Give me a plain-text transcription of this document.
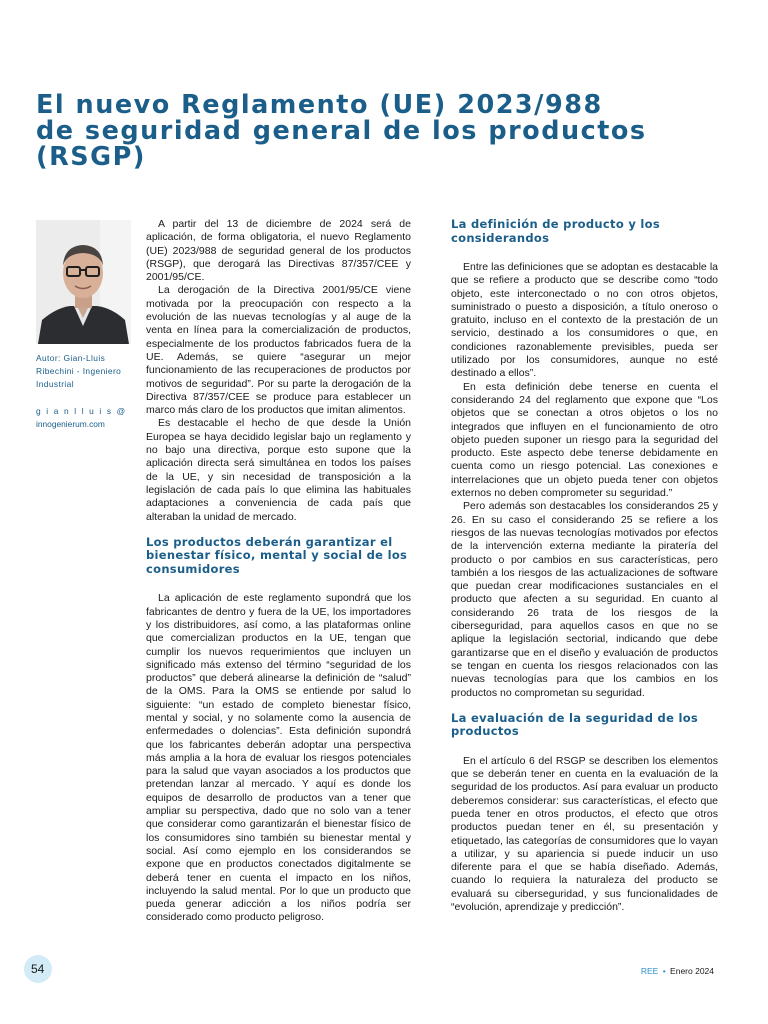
El nuevo Reglamento (UE) 2023/988
de seguridad general de los productos
(RSGP)

Autor: Gian-Lluis Ribechini - Ingeniero Industrial

gianlluis@
innogenierum.com

A partir del 13 de diciembre de 2024 será de aplicación, de forma obligatoria, el nuevo Reglamento (UE) 2023/988 de seguridad general de los productos (RSGP), que derogará las Directivas 87/357/CEE y 2001/95/CE.

La derogación de la Directiva 2001/95/CE viene motivada por la preocupación con respecto a la evolución de las nuevas tecnologías y al auge de la venta en línea para la comercialización de productos, especialmente de los productos fabricados fuera de la UE. Además, se quiere “asegurar un mejor funcionamiento de las recuperaciones de productos por motivos de seguridad”. Por su parte la derogación de la Directiva 87/357/CEE se produce para establecer un marco más claro de los productos que imitan alimentos.

Es destacable el hecho de que desde la Unión Europea se haya decidido legislar bajo un reglamento y no bajo una directiva, porque esto supone que la aplicación directa será simultánea en todos los países de la UE, y sin necesidad de transposición a la legislación de cada país lo que elimina las habituales adaptaciones a conveniencia de cada país que alteraban la unidad de mercado.

Los productos deberán garantizar el bienestar físico, mental y social de los consumidores

La aplicación de este reglamento supondrá que los fabricantes de dentro y fuera de la UE, los importadores y los distribuidores, así como, a las plataformas online que comercializan productos en la UE, tengan que cumplir los nuevos requerimientos que incluyen un significado más extenso del término “seguridad de los productos” que deberá alinearse la definición de “salud” de la OMS. Para la OMS se entiende por salud lo siguiente: “un estado de completo bienestar físico, mental y social, y no solamente como la ausencia de enfermedades o dolencias”. Esta definición supondrá que los fabricantes deberán adoptar una perspectiva más amplia a la hora de evaluar los riesgos potenciales para la salud que vayan asociados a los productos que pretendan lanzar al mercado. Y aquí es donde los equipos de desarrollo de productos van a tener que ampliar su perspectiva, dado que no solo van a tener que considerar como garantizarán el bienestar físico de los consumidores sino también su bienestar mental y social. Así como ejemplo en los considerandos se expone que en productos conectados digitalmente se deberá tener en cuenta el impacto en los niños, incluyendo la salud mental. Por lo que un producto que pueda generar adicción a los niños podría ser considerado como producto peligroso.

La definición de producto y los considerandos

Entre las definiciones que se adoptan es destacable la que se refiere a producto que se describe como “todo objeto, este interconectado o no con otros objetos, suministrado o puesto a disposición, a título oneroso o gratuito, incluso en el contexto de la prestación de un servicio, destinado a los consumidores o que, en condiciones razonablemente previsibles, pueda ser utilizado por los consumidores, aunque no esté destinado a ellos”.

En esta definición debe tenerse en cuenta el considerando 24 del reglamento que expone que “Los objetos que se conectan a otros objetos o los no integrados que influyen en el funcionamiento de otro objeto pueden suponer un riesgo para la seguridad del producto. Este aspecto debe tenerse debidamente en cuenta como un riesgo potencial. Las conexiones e interrelaciones que un objeto pueda tener con objetos externos no deben comprometer su seguridad.”

Pero además son destacables los considerandos 25 y 26. En su caso el considerando 25 se refiere a los riesgos de las nuevas tecnologías motivados por efectos de la intervención externa mediante la piratería del producto o por cambios en sus características, pero también a los riesgos de las actualizaciones de software que puedan crear modificaciones sustanciales en el producto que afecten a su seguridad. En cuanto al considerando 26 trata de los riesgos de la ciberseguridad, para aquellos casos en que no se aplique la legislación sectorial, indicando que debe garantizarse que en el diseño y evaluación de productos se tengan en cuenta los riesgos relacionados con las nuevas tecnologías para que los cambios en los productos no comprometan su seguridad.

La evaluación de la seguridad de los productos

En el artículo 6 del RSGP se describen los elementos que se deberán tener en cuenta en la evaluación de la seguridad de los productos. Así para evaluar un producto deberemos considerar: sus características, el efecto que pueda tener en otros productos, el efecto que otros productos puedan tener en él, su presentación y etiquetado, las categorías de consumidores que lo vayan a utilizar, y su apariencia si puede inducir un uso diferente para el que se había diseñado. Además, cuando lo requiera la naturaleza del producto se evaluará su ciberseguridad, y sus funcionalidades de “evolución, aprendizaje y predicción”.

54	REE • Enero 2024
